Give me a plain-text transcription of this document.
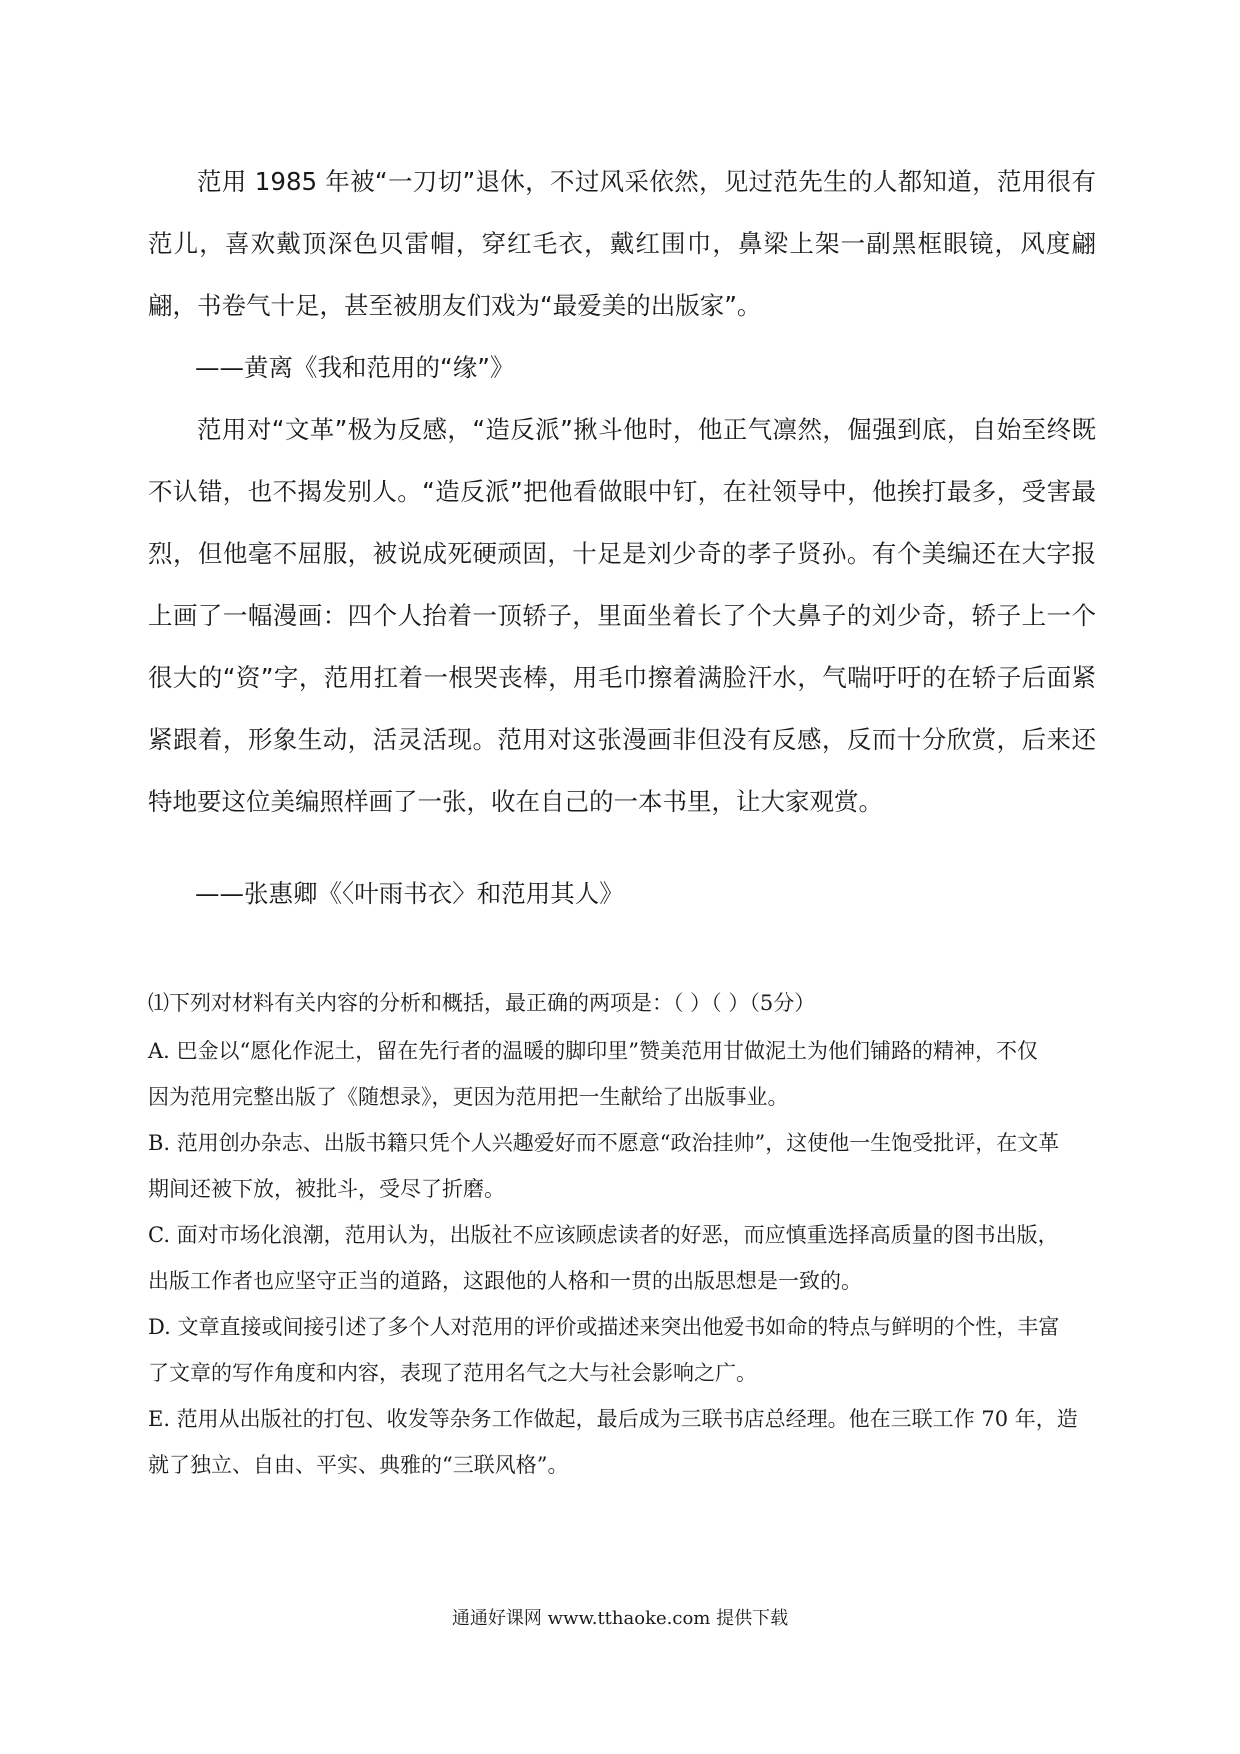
范用 1985 年被“一刀切”退休，不过风采依然，见过范先生的人都知道，范用很有范儿，喜欢戴顶深色贝雷帽，穿红毛衣，戴红围巾，鼻梁上架一副黑框眼镜，风度翩翩，书卷气十足，甚至被朋友们戏为“最爱美的出版家”。

——黄离《我和范用的“缘”》

范用对“文革”极为反感，“造反派”揪斗他时，他正气凛然，倔强到底，自始至终既不认错，也不揭发别人。“造反派”把他看做眼中钉，在社领导中，他挨打最多，受害最烈，但他毫不屈服，被说成死硬顽固，十足是刘少奇的孝子贤孙。有个美编还在大字报上画了一幅漫画：四个人抬着一顶轿子，里面坐着长了个大鼻子的刘少奇，轿子上一个很大的“资”字，范用扛着一根哭丧棒，用毛巾擦着满脸汗水，气喘吁吁的在轿子后面紧紧跟着，形象生动，活灵活现。范用对这张漫画非但没有反感，反而十分欣赏，后来还特地要这位美编照样画了一张，收在自己的一本书里，让大家观赏。

——张惠卿《〈叶雨书衣〉和范用其人》

⑴下列对材料有关内容的分析和概括，最正确的两项是：（ ）（ ）（5分）

A. 巴金以“愿化作泥土，留在先行者的温暖的脚印里”赞美范用甘做泥土为他们铺路的精神，不仅
因为范用完整出版了《随想录》，更因为范用把一生献给了出版事业。
B. 范用创办杂志、出版书籍只凭个人兴趣爱好而不愿意“政治挂帅”，这使他一生饱受批评，在文革
期间还被下放，被批斗，受尽了折磨。
C. 面对市场化浪潮，范用认为，出版社不应该顾虑读者的好恶，而应慎重选择高质量的图书出版，
出版工作者也应坚守正当的道路，这跟他的人格和一贯的出版思想是一致的。
D. 文章直接或间接引述了多个人对范用的评价或描述来突出他爱书如命的特点与鲜明的个性，丰富
了文章的写作角度和内容，表现了范用名气之大与社会影响之广。
E. 范用从出版社的打包、收发等杂务工作做起，最后成为三联书店总经理。他在三联工作 70 年，造
就了独立、自由、平实、典雅的“三联风格”。
通通好课网 www.tthaoke.com 提供下载
